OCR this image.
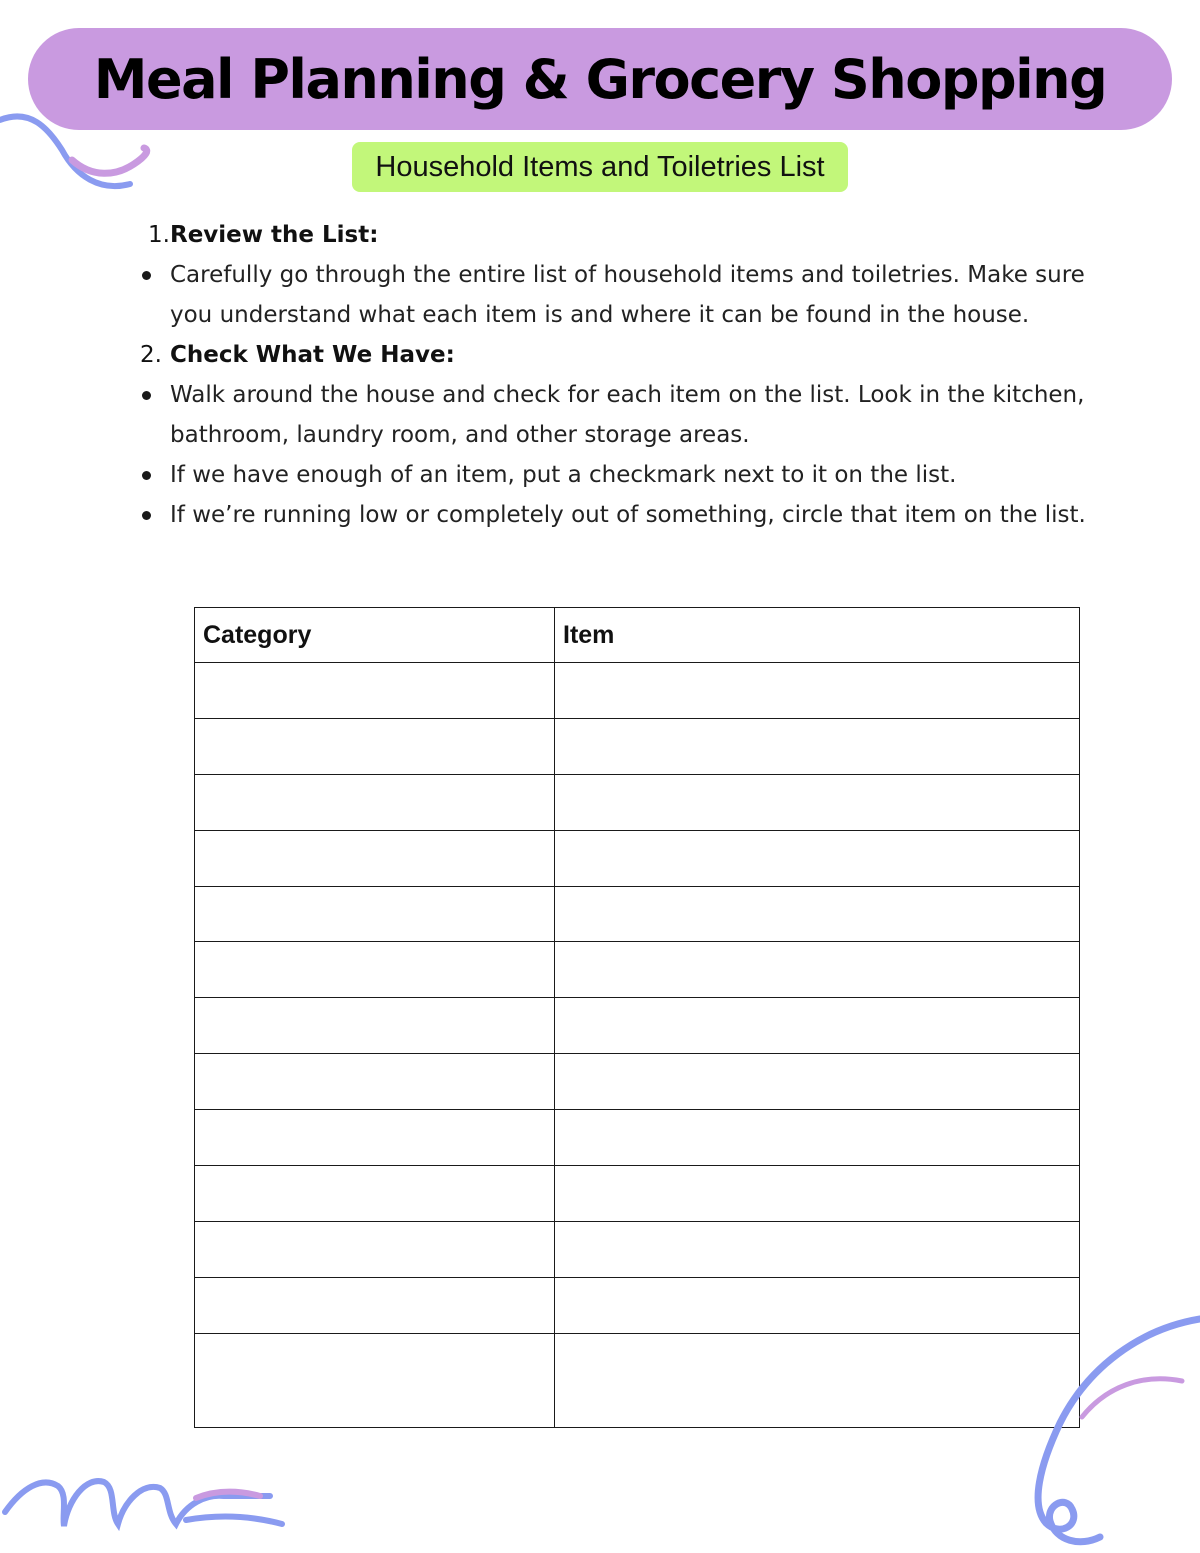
Meal Planning & Grocery Shopping
Household Items and Toiletries List
1. Review the List:
Carefully go through the entire list of household items and toiletries. Make sure you understand what each item is and where it can be found in the house.
2. Check What We Have:
Walk around the house and check for each item on the list. Look in the kitchen, bathroom, laundry room, and other storage areas.
If we have enough of an item, put a checkmark next to it on the list.
If we’re running low or completely out of something, circle that item on the list.
Category	Item
